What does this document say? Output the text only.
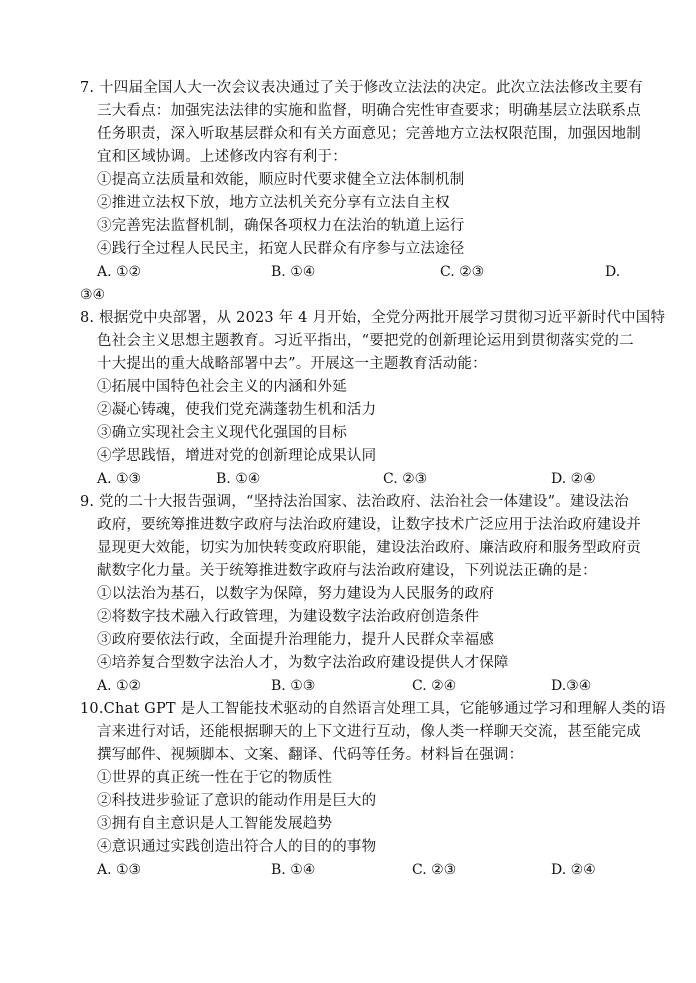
7. 十四届全国人大一次会议表决通过了关于修改立法法的决定。此次立法法修改主要有
三大看点：加强宪法法律的实施和监督，明确合宪性审查要求；明确基层立法联系点
任务职责，深入听取基层群众和有关方面意见；完善地方立法权限范围，加强因地制
宜和区域协调。上述修改内容有利于：
①提高立法质量和效能，顺应时代要求健全立法体制机制
②推进立法权下放，地方立法机关充分享有立法自主权
③完善宪法监督机制，确保各项权力在法治的轨道上运行
④践行全过程人民民主，拓宽人民群众有序参与立法途径
A. ①②	B. ①④	C. ②③	D.
③④
8. 根据党中央部署，从 2023 年 4 月开始，全党分两批开展学习贯彻习近平新时代中国特
色社会主义思想主题教育。习近平指出，“要把党的创新理论运用到贯彻落实党的二
十大提出的重大战略部署中去”。开展这一主题教育活动能：
①拓展中国特色社会主义的内涵和外延
②凝心铸魂，使我们党充满蓬勃生机和活力
③确立实现社会主义现代化强国的目标
④学思践悟，增进对党的创新理论成果认同
A. ①③	B. ①④	C. ②③	D. ②④
9. 党的二十大报告强调，“坚持法治国家、法治政府、法治社会一体建设”。建设法治
政府，要统筹推进数字政府与法治政府建设，让数字技术广泛应用于法治政府建设并
显现更大效能，切实为加快转变政府职能，建设法治政府、廉洁政府和服务型政府贡
献数字化力量。关于统筹推进数字政府与法治政府建设，下列说法正确的是：
①以法治为基石，以数字为保障，努力建设为人民服务的政府
②将数字技术融入行政管理，为建设数字法治政府创造条件
③政府要依法行政，全面提升治理能力，提升人民群众幸福感
④培养复合型数字法治人才，为数字法治政府建设提供人才保障
A. ①②	B. ①③	C. ②④	D.③④
10.Chat GPT 是人工智能技术驱动的自然语言处理工具，它能够通过学习和理解人类的语
言来进行对话，还能根据聊天的上下文进行互动，像人类一样聊天交流，甚至能完成
撰写邮件、视频脚本、文案、翻译、代码等任务。材料旨在强调：
①世界的真正统一性在于它的物质性
②科技进步验证了意识的能动作用是巨大的
③拥有自主意识是人工智能发展趋势
④意识通过实践创造出符合人的目的的事物
A. ①③	B. ①④	C. ②③	D. ②④
